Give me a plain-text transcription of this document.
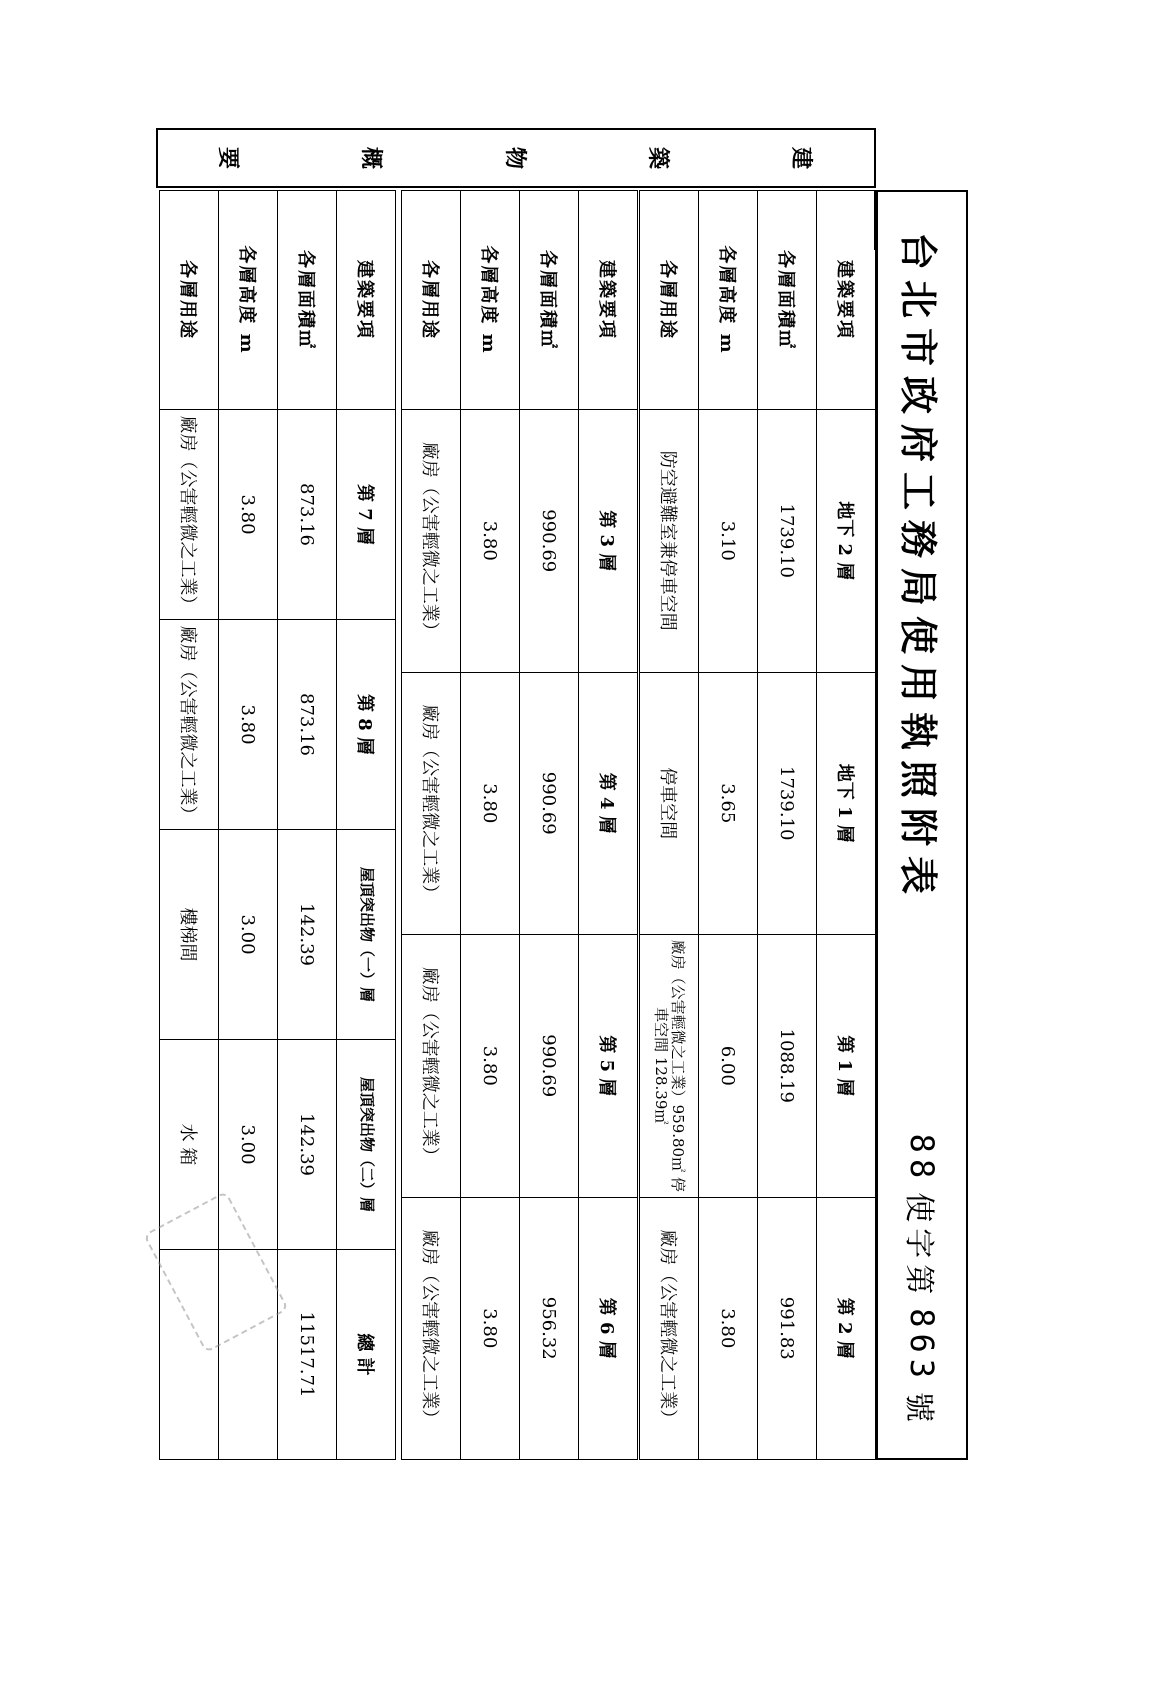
台北市政府工務局使用執照附表
88
使字第
863
號
建築要項	地下 2 層	地下 1 層	第 1 層	第 2 層
各層面積㎡	1739.10	1739.10	1088.19	991.83
各層高度 m	3.10	3.65	6.00	3.80
各層用途	防空避難室兼停車空間	停車空間	廠房（公害輕微之工業）959.80㎡ 停車空間 128.39㎡	廠房（公害輕微之工業）
建築要項	第 3 層	第 4 層	第 5 層	第 6 層
各層面積㎡	990.69	990.69	990.69	956.32
各層高度 m	3.80	3.80	3.80	3.80
各層用途	廠房（公害輕微之工業）	廠房（公害輕微之工業）	廠房（公害輕微之工業）	廠房（公害輕微之工業）
建築要項	第 7 層	第 8 層	屋頂突出物（一）層	屋頂突出物（二）層	總 計
各層面積㎡	873.16	873.16	142.39	142.39	11517.71
各層高度 m	3.80	3.80	3.00	3.00	
各層用途	廠房（公害輕微之工業）	廠房（公害輕微之工業）	樓梯間	水 箱	
建
築
物
概
要
